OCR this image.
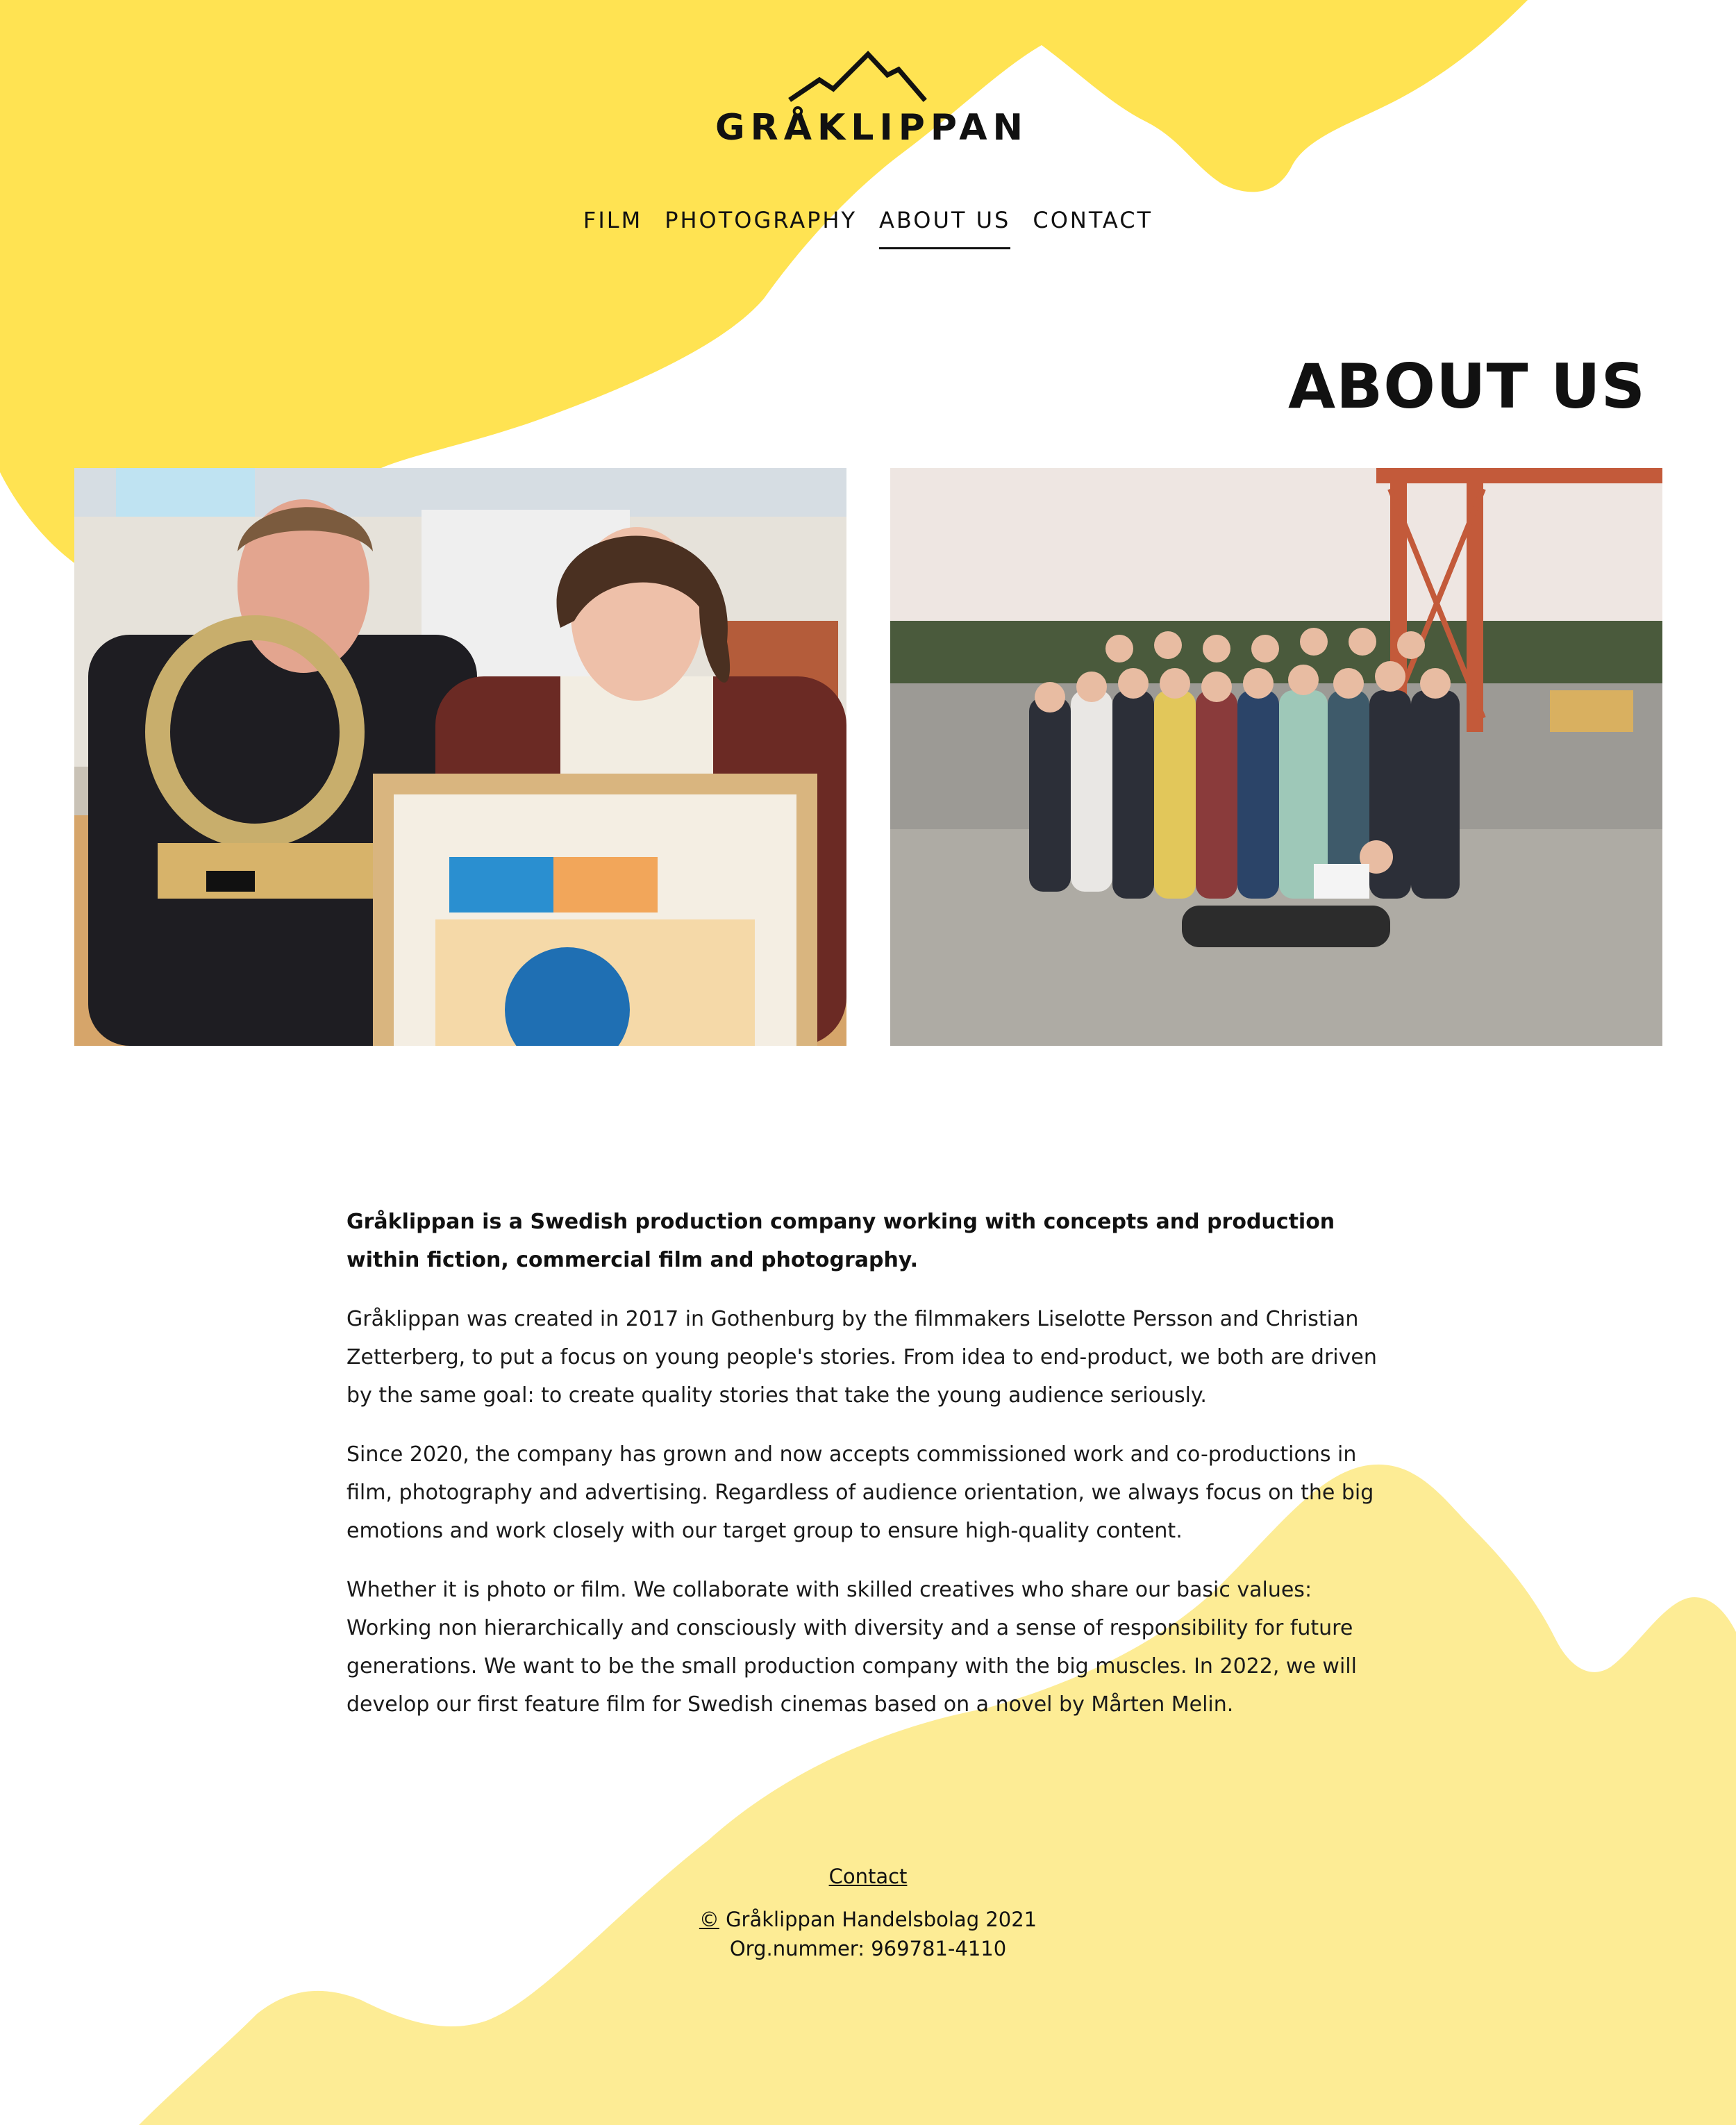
GRÅKLIPPAN
FILM PHOTOGRAPHY ABOUT US CONTACT
ABOUT US

Gråklippan is a Swedish production company working with concepts and production within fiction, commercial film and photography.

Gråklippan was created in 2017 in Gothenburg by the filmmakers Liselotte Persson and Christian Zetterberg, to put a focus on young people's stories. From idea to end-product, we both are driven by the same goal: to create quality stories that take the young audience seriously.

Since 2020, the company has grown and now accepts commissioned work and co-productions in film, photography and advertising. Regardless of audience orientation, we always focus on the big emotions and work closely with our target group to ensure high-quality content.

Whether it is photo or film. We collaborate with skilled creatives who share our basic values: Working non hierarchically and consciously with diversity and a sense of responsibility for future generations. We want to be the small production company with the big muscles. In 2022, we will develop our first feature film for Swedish cinemas based on a novel by Mårten Melin.

Contact
© Gråklippan Handelsbolag 2021
Org.nummer: 969781-4110
